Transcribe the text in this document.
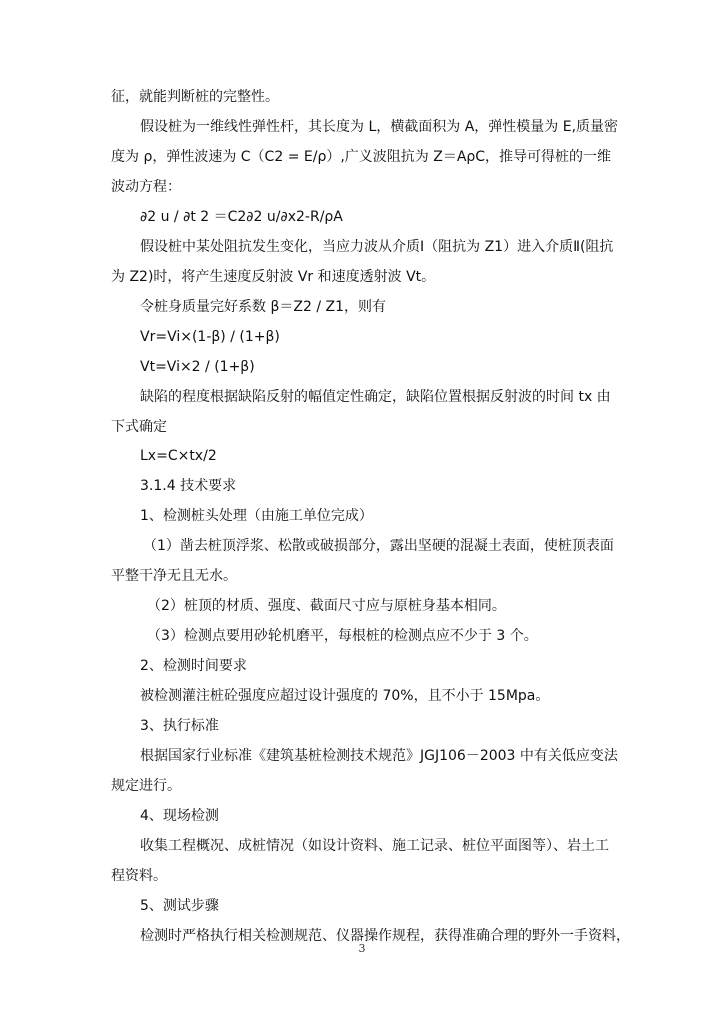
征，就能判断桩的完整性。
假设桩为一维线性弹性杆，其长度为 L，横截面积为 A，弹性模量为 E,质量密
度为 ρ，弹性波速为 C（C2 = E/ρ）,广义波阻抗为 Z＝AρC，推导可得桩的一维
波动方程：
∂2 u / ∂t 2 ＝C2∂2 u/∂x2-R/ρA
假设桩中某处阻抗发生变化，当应力波从介质Ⅰ（阻抗为 Z1）进入介质Ⅱ(阻抗
为 Z2)时，将产生速度反射波 Vr 和速度透射波 Vt。
令桩身质量完好系数 β＝Z2 / Z1，则有
Vr=Vi×(1-β) / (1+β)
Vt=Vi×2 / (1+β)
缺陷的程度根据缺陷反射的幅值定性确定，缺陷位置根据反射波的时间 tx 由
下式确定
Lx=C×tx/2
3.1.4 技术要求
1、检测桩头处理（由施工单位完成）
（1）凿去桩顶浮浆、松散或破损部分，露出坚硬的混凝土表面，使桩顶表面
平整干净无且无水。
（2）桩顶的材质、强度、截面尺寸应与原桩身基本相同。
（3）检测点要用砂轮机磨平，每根桩的检测点应不少于 3 个。
2、检测时间要求
被检测灌注桩砼强度应超过设计强度的 70%，且不小于 15Mpa。
3、执行标准
根据国家行业标准《建筑基桩检测技术规范》JGJ106－2003 中有关低应变法
规定进行。
4、现场检测
收集工程概况、成桩情况（如设计资料、施工记录、桩位平面图等）、岩土工
程资料。
5、测试步骤
检测时严格执行相关检测规范、仪器操作规程，获得准确合理的野外一手资料，
3
